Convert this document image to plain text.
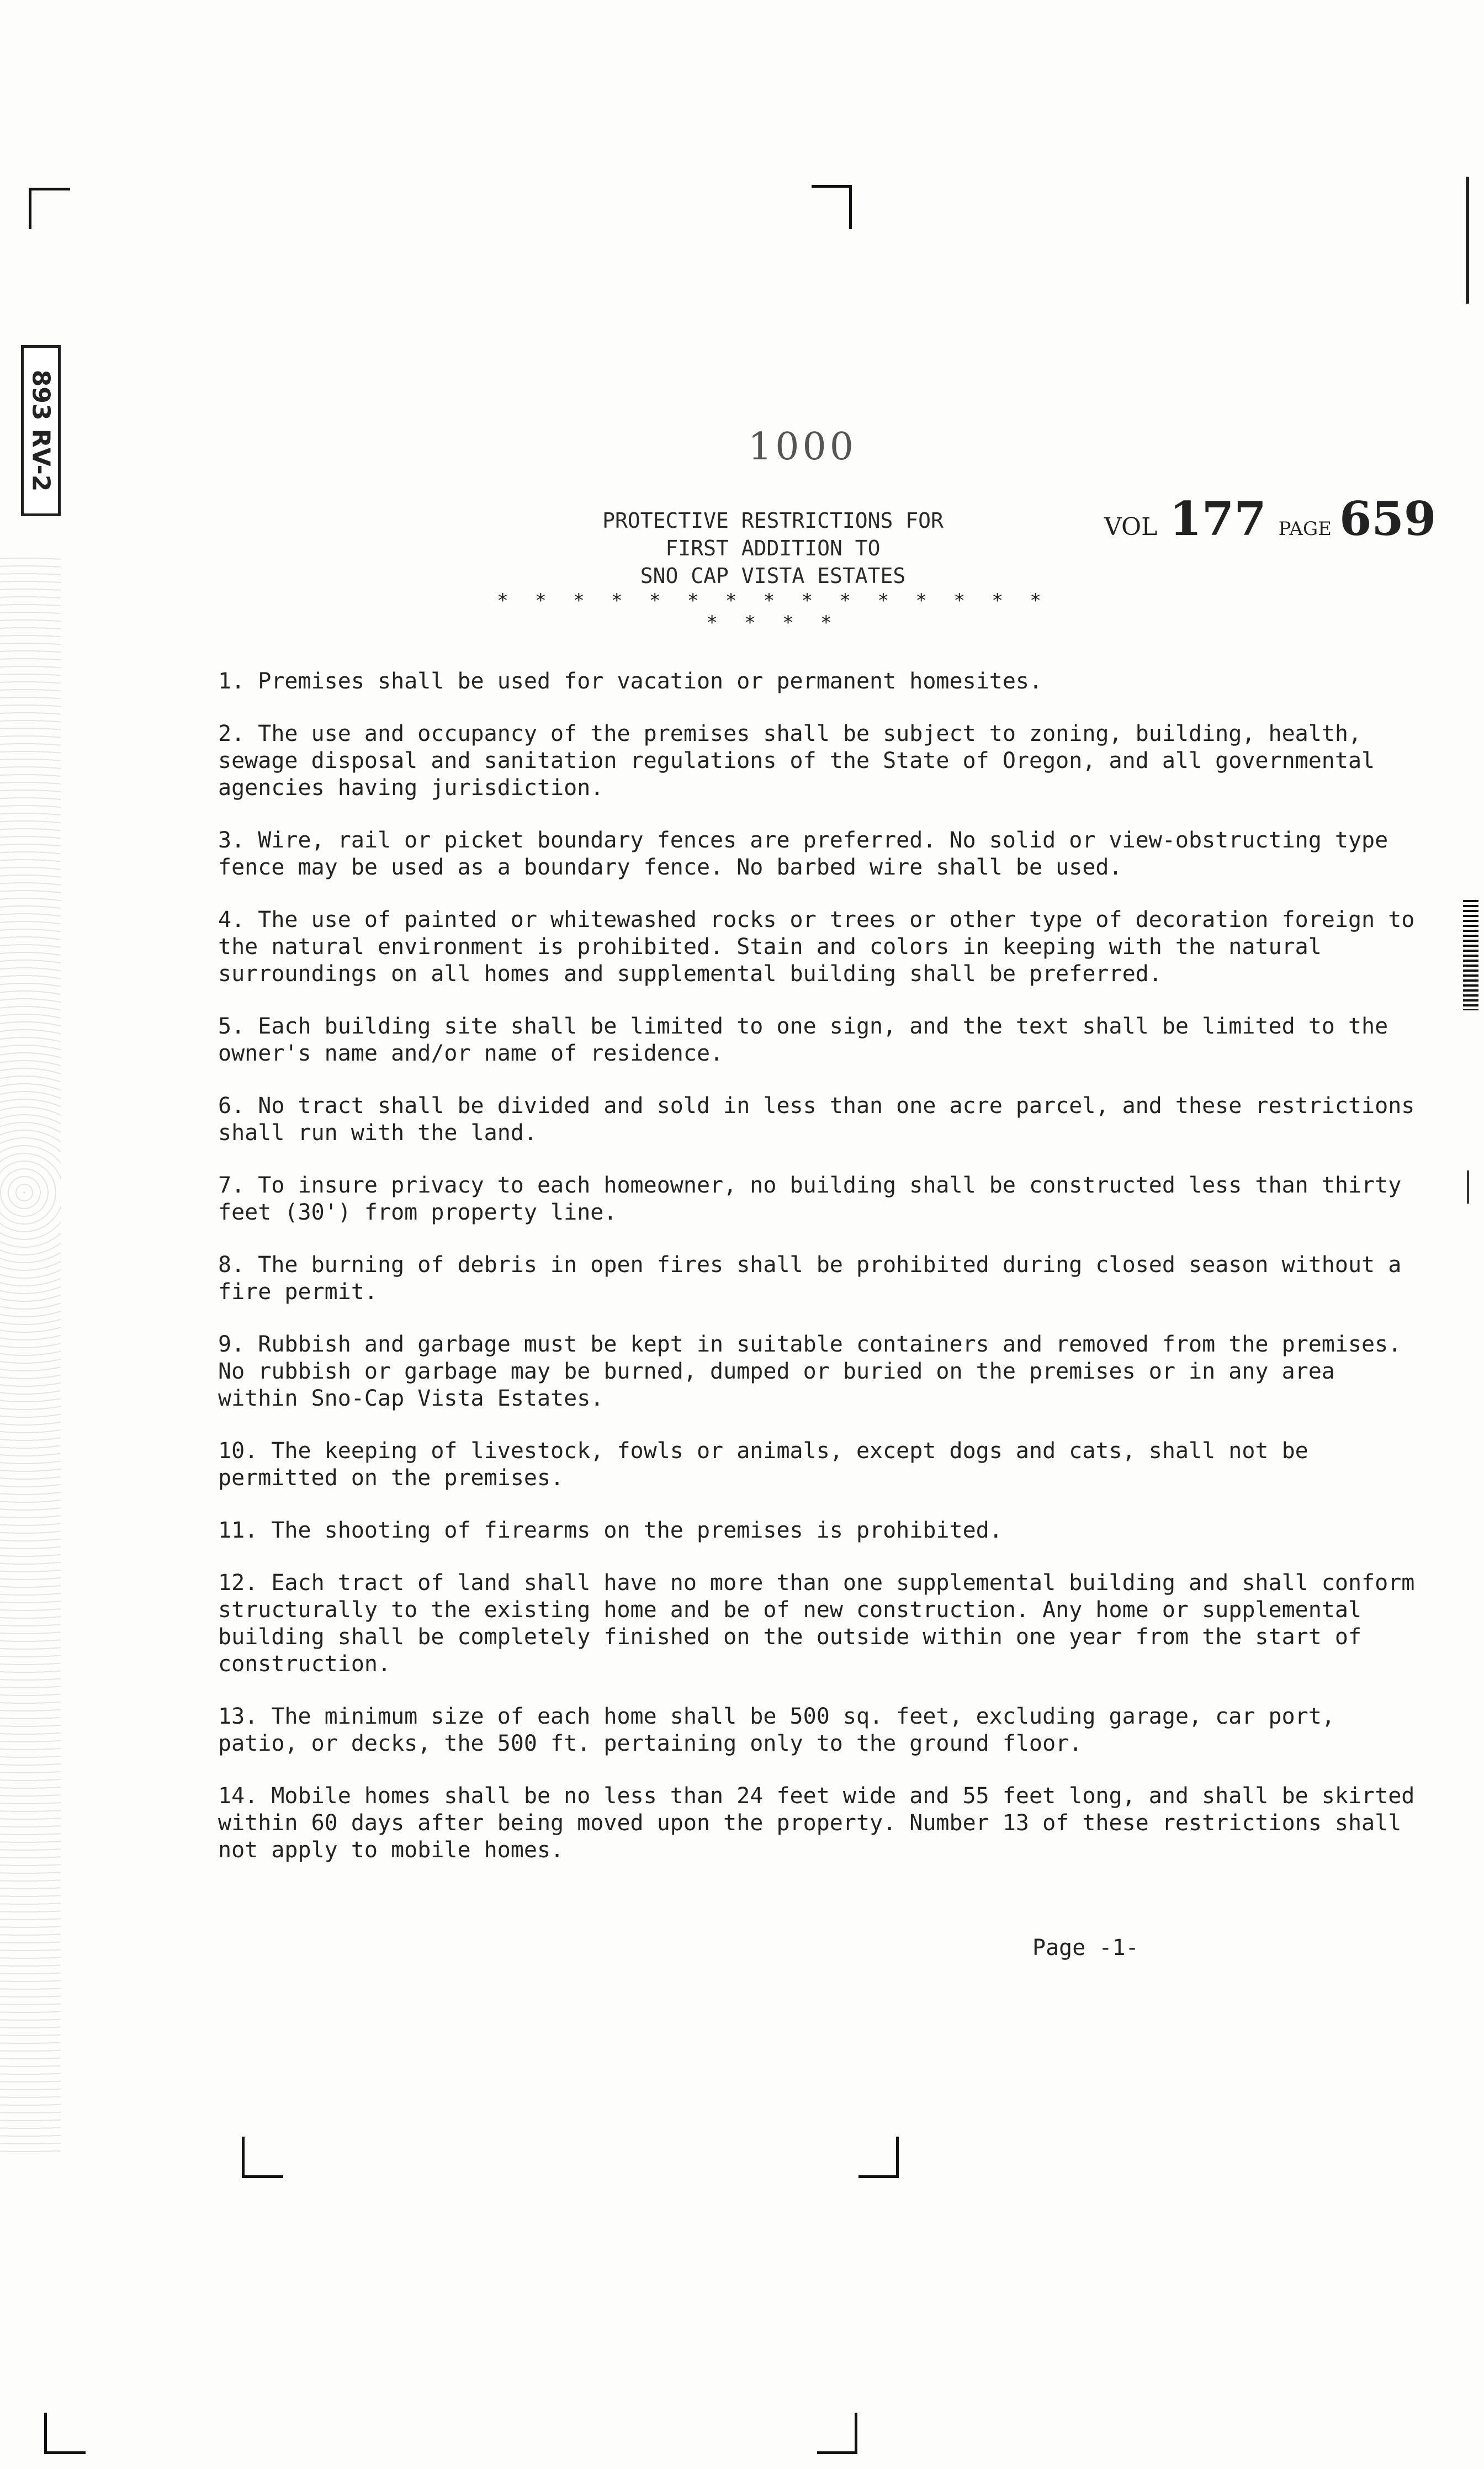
893 RV-2	1000
VOL 177 PAGE 659
PROTECTIVE RESTRICTIONS FOR
FIRST ADDITION TO
SNO CAP VISTA ESTATES
* * * * * * * * * * * * * * * * * * *

1. Premises shall be used for vacation or permanent homesites.

2. The use and occupancy of the premises shall be subject to zoning, building, health, sewage disposal and sanitation regulations of the State of Oregon, and all governmental agencies having jurisdiction.

3. Wire, rail or picket boundary fences are preferred. No solid or view-obstructing type fence may be used as a boundary fence. No barbed wire shall be used.

4. The use of painted or whitewashed rocks or trees or other type of decoration foreign to the natural environment is prohibited. Stain and colors in keeping with the natural surroundings on all homes and supplemental building shall be preferred.

5. Each building site shall be limited to one sign, and the text shall be limited to the owner's name and/or name of residence.

6. No tract shall be divided and sold in less than one acre parcel, and these restrictions shall run with the land.

7. To insure privacy to each homeowner, no building shall be constructed less than thirty feet (30') from property line.

8. The burning of debris in open fires shall be prohibited during closed season without a fire permit.

9. Rubbish and garbage must be kept in suitable containers and removed from the premises. No rubbish or garbage may be burned, dumped or buried on the premises or in any area within Sno-Cap Vista Estates.

10. The keeping of livestock, fowls or animals, except dogs and cats, shall not be permitted on the premises.

11. The shooting of firearms on the premises is prohibited.

12. Each tract of land shall have no more than one supplemental building and shall conform structurally to the existing home and be of new construction. Any home or supplemental building shall be completely finished on the outside within one year from the start of construction.

13. The minimum size of each home shall be 500 sq. feet, excluding garage, car port, patio, or decks, the 500 ft. pertaining only to the ground floor.

14. Mobile homes shall be no less than 24 feet wide and 55 feet long, and shall be skirted within 60 days after being moved upon the property. Number 13 of these restrictions shall not apply to mobile homes.

Page -1-
